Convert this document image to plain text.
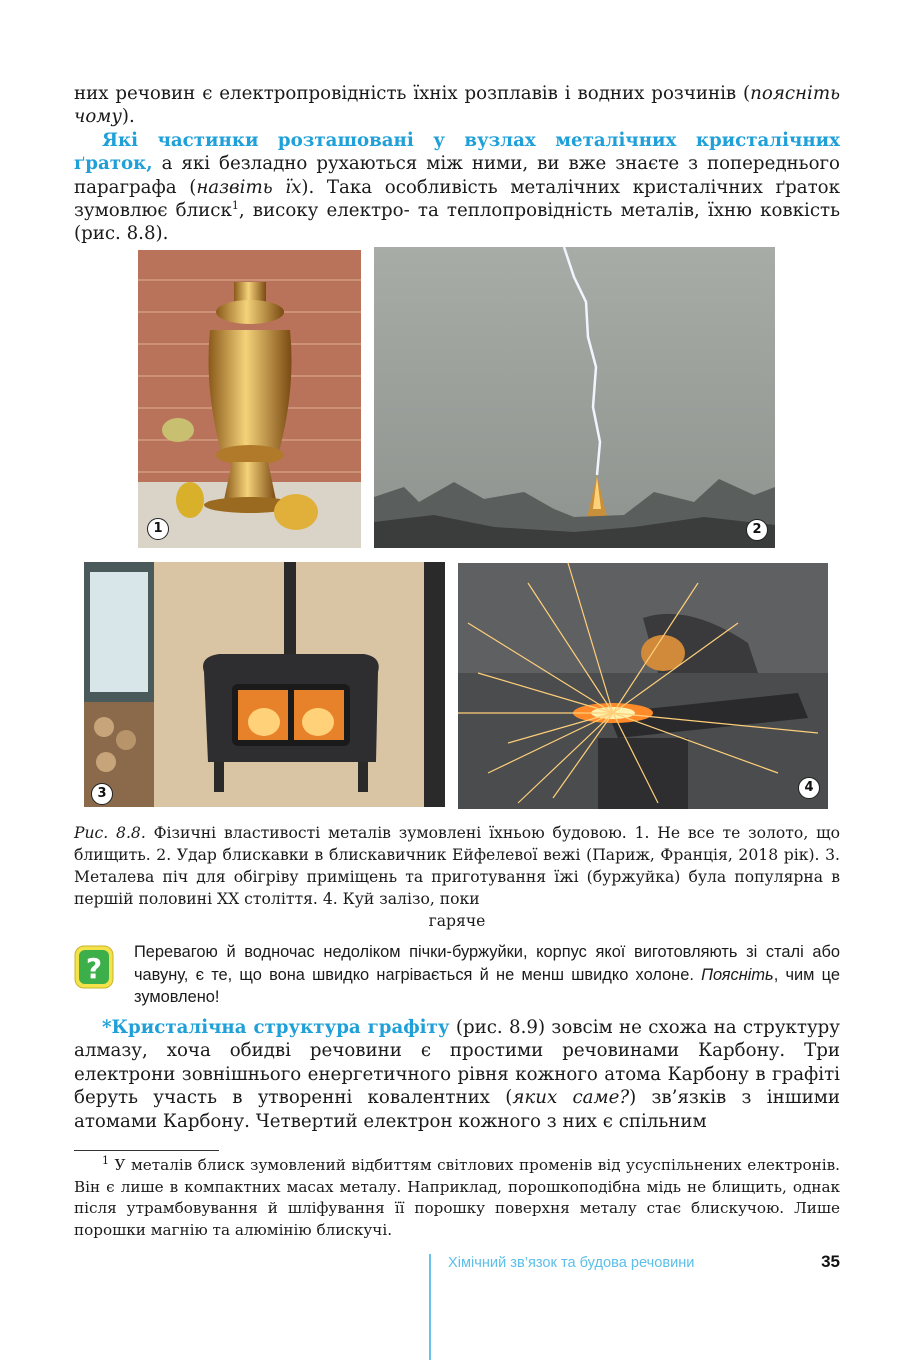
них речовин є електропровідність їхніх розплавів і водних розчинів (поясніть чому).

Які частинки розташовані у вузлах металічних кристалічних ґраток, а які безладно рухаються між ними, ви вже знаєте з попереднього параграфа (назвіть їх). Така особливість металічних кристалічних ґраток зумовлює блиск$^1$, високу електро- та теплопровідність металів, їхню ковкість (рис. 8.8).

1	2
3	4
Рис. 8.8. Фізичні властивості металів зумовлені їхньою будовою. 1. Не все те золото, що блищить. 2. Удар блискавки в блискавичник Ейфелевої вежі (Париж, Франція, 2018 рік). 3. Металева піч для обігріву приміщень та приготування їжі (буржуйка) була популярна в першій половині XX століття. 4. Куй залізо, поки
гаряче
? Перевагою й водночас недоліком пічки-буржуйки, корпус якої виготовляють зі сталі або чавуну, є те, що вона швидко нагрівається й не менш швидко холоне. Поясніть, чим це зумовлено!

*Кристалічна структура графіту (рис. 8.9) зовсім не схожа на структуру алмазу, хоча обидві речовини є простими речовинами Карбону. Три електрони зовнішнього енергетичного рівня кожного атома Карбону в графіті беруть участь в утворенні ковалентних (яких саме?) зв’язків з іншими атомами Карбону. Четвертий електрон кожного з них є спільним

$^1$ У металів блиск зумовлений відбиттям світлових променів від усуспільнених електронів. Він є лише в компактних масах металу. Наприклад, порошкоподібна мідь не блищить, однак після утрамбовування й шліфування її порошку поверхня металу стає блискучою. Лише порошки магнію та алюмінію блискучі.

Хімічний зв’язок та будова речовини	35
